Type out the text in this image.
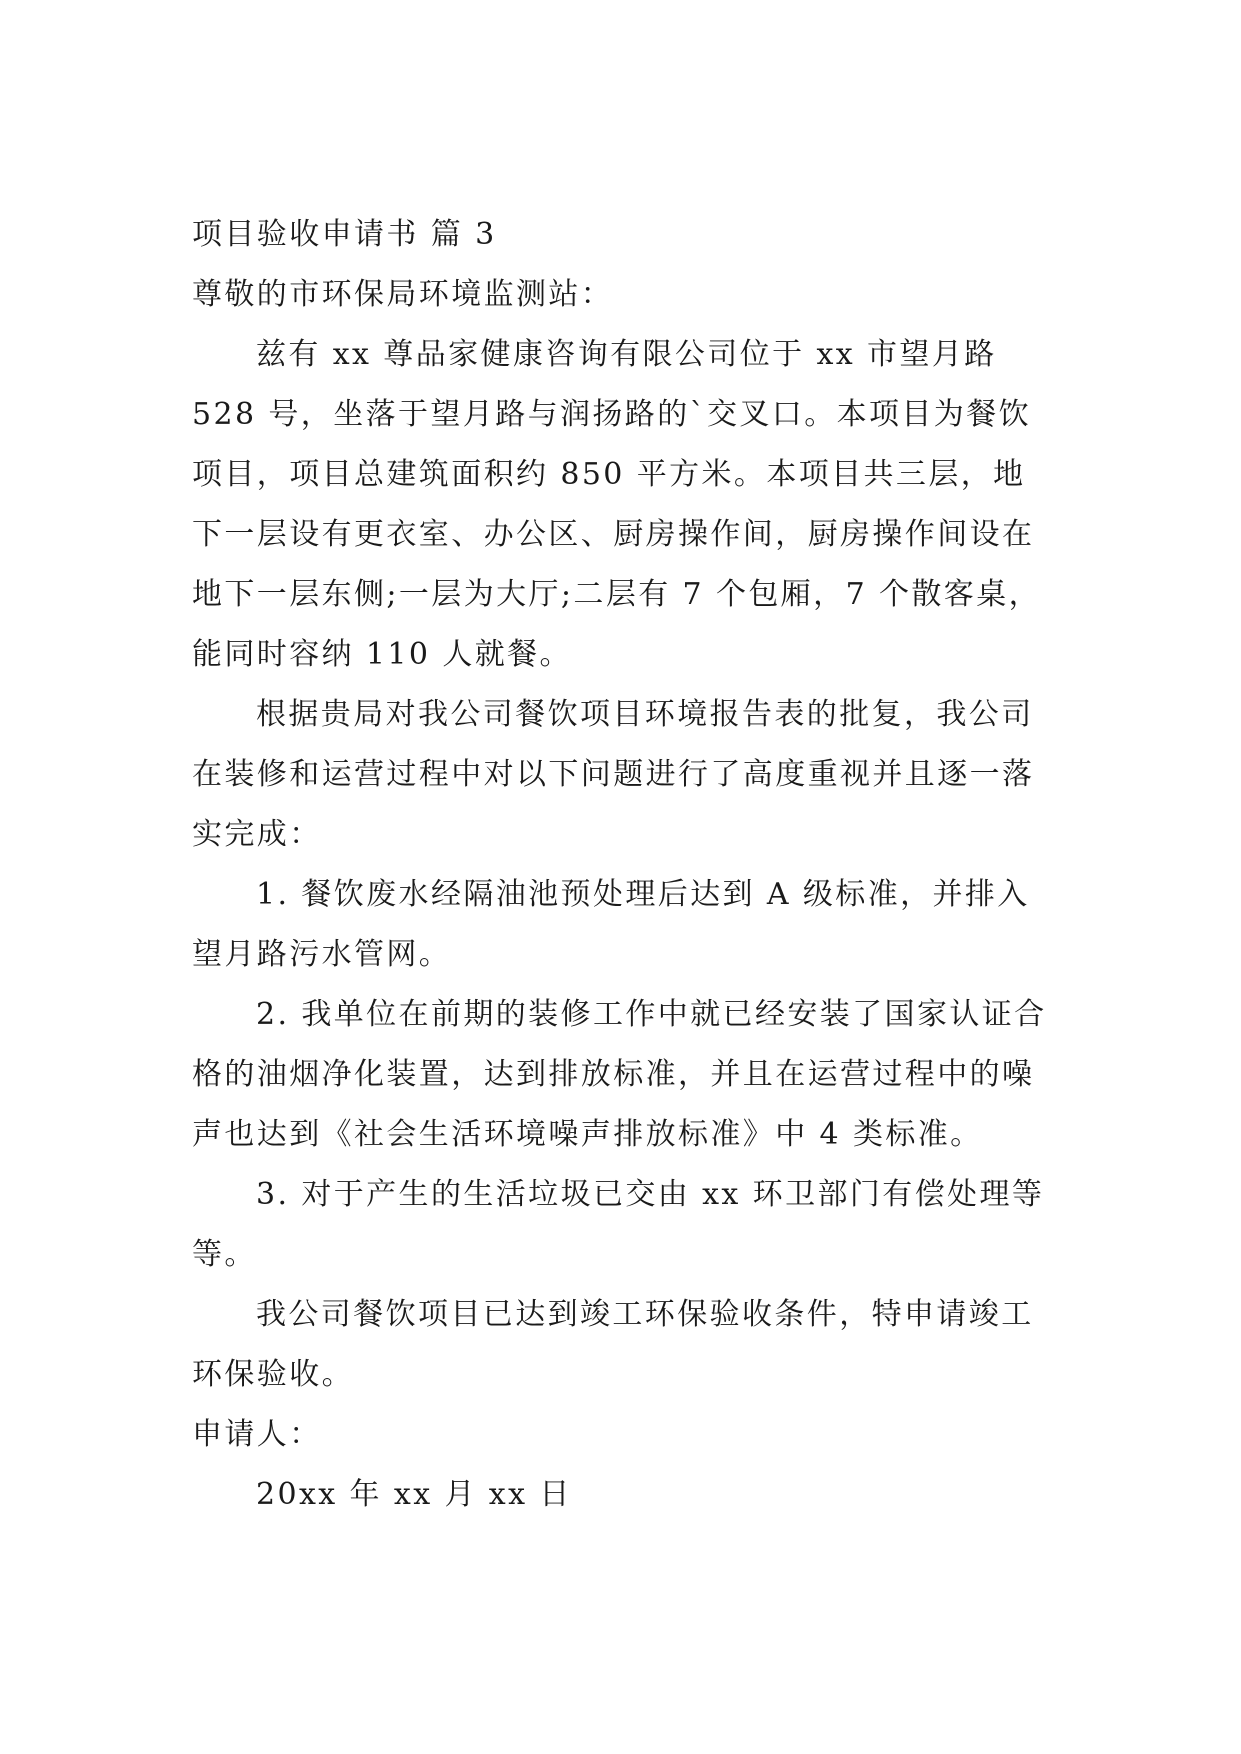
项目验收申请书 篇 3

尊敬的市环保局环境监测站：

兹有 xx 尊品家健康咨询有限公司位于 xx 市望月路 528 号，坐落于望月路与润扬路的`交叉口。本项目为餐饮项目，项目总建筑面积约 850 平方米。本项目共三层，地下一层设有更衣室、办公区、厨房操作间，厨房操作间设在地下一层东侧;一层为大厅;二层有 7 个包厢，7 个散客桌，能同时容纳 110 人就餐。

根据贵局对我公司餐饮项目环境报告表的批复，我公司在装修和运营过程中对以下问题进行了高度重视并且逐一落实完成：

1. 餐饮废水经隔油池预处理后达到 A 级标准，并排入望月路污水管网。

2. 我单位在前期的装修工作中就已经安装了国家认证合格的油烟净化装置，达到排放标准，并且在运营过程中的噪声也达到《社会生活环境噪声排放标准》中 4 类标准。

3. 对于产生的生活垃圾已交由 xx 环卫部门有偿处理等等。

我公司餐饮项目已达到竣工环保验收条件，特申请竣工环保验收。

申请人：

20xx 年 xx 月 xx 日
